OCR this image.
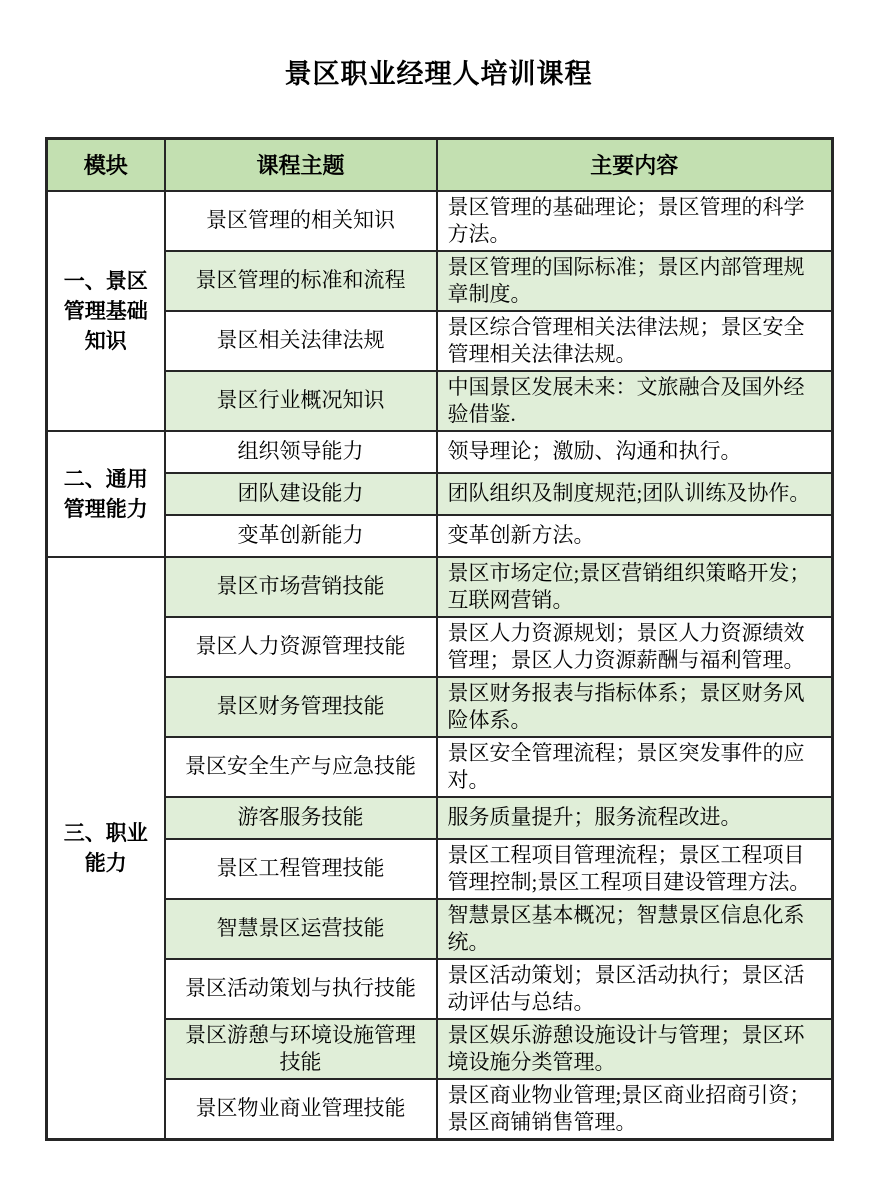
景区职业经理人培训课程
模块	课程主题	主要内容
一、景区管理基础知识	景区管理的相关知识	景区管理的基础理论；景区管理的科学方法。
	景区管理的标准和流程	景区管理的国际标准；景区内部管理规章制度。
	景区相关法律法规	景区综合管理相关法律法规；景区安全管理相关法律法规。
	景区行业概况知识	中国景区发展未来：文旅融合及国外经验借鉴.
二、通用管理能力	组织领导能力	领导理论；激励、沟通和执行。
	团队建设能力	团队组织及制度规范;团队训练及协作。
	变革创新能力	变革创新方法。
三、职业能力	景区市场营销技能	景区市场定位;景区营销组织策略开发；互联网营销。
	景区人力资源管理技能	景区人力资源规划；景区人力资源绩效管理；景区人力资源薪酬与福利管理。
	景区财务管理技能	景区财务报表与指标体系；景区财务风险体系。
	景区安全生产与应急技能	景区安全管理流程；景区突发事件的应对。
	游客服务技能	服务质量提升；服务流程改进。
	景区工程管理技能	景区工程项目管理流程；景区工程项目管理控制;景区工程项目建设管理方法。
	智慧景区运营技能	智慧景区基本概况；智慧景区信息化系统。
	景区活动策划与执行技能	景区活动策划；景区活动执行；景区活动评估与总结。
	景区游憩与环境设施管理技能	景区娱乐游憩设施设计与管理；景区环境设施分类管理。
	景区物业商业管理技能	景区商业物业管理;景区商业招商引资；景区商铺销售管理。
